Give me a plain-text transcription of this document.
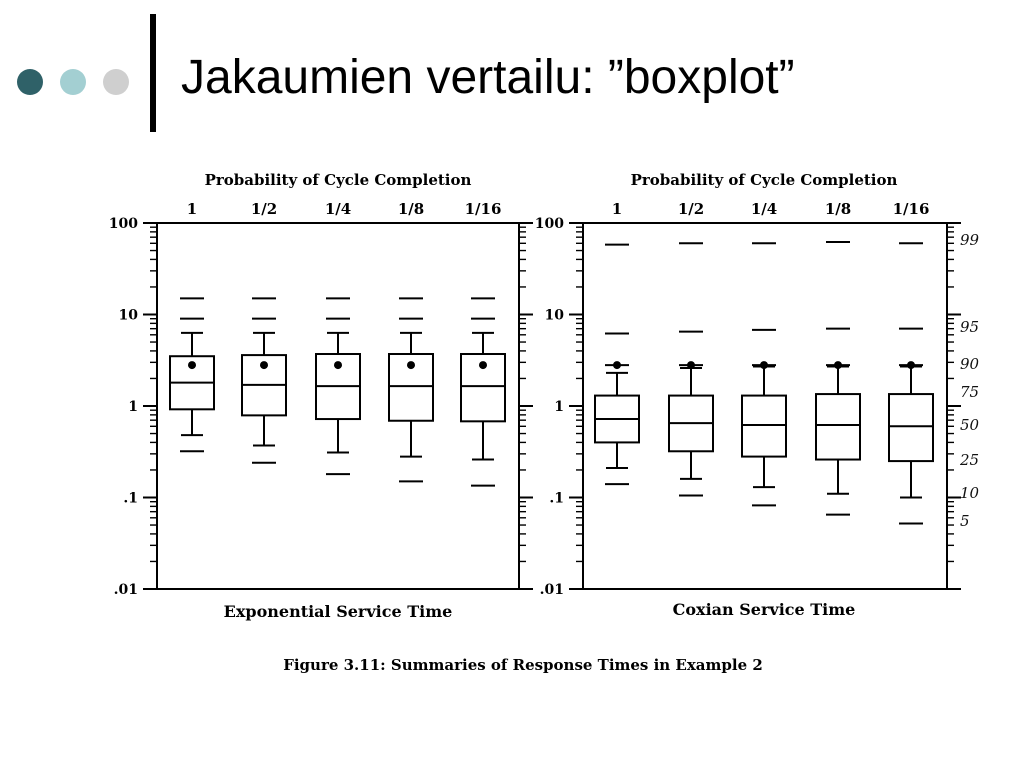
Jakaumien vertailu: ”boxplot”
100
10
1
.1
.01
Probability of Cycle Completion
1	1/2	1/4	1/8	1/16
Exponential Service Time
100
10
1
.1
.01
Probability of Cycle Completion
1	1/2	1/4	1/8	1/16
Coxian Service Time
99
95
90
75
50
25
10
5
Figure 3.11: Summaries of Response Times in Example 2
